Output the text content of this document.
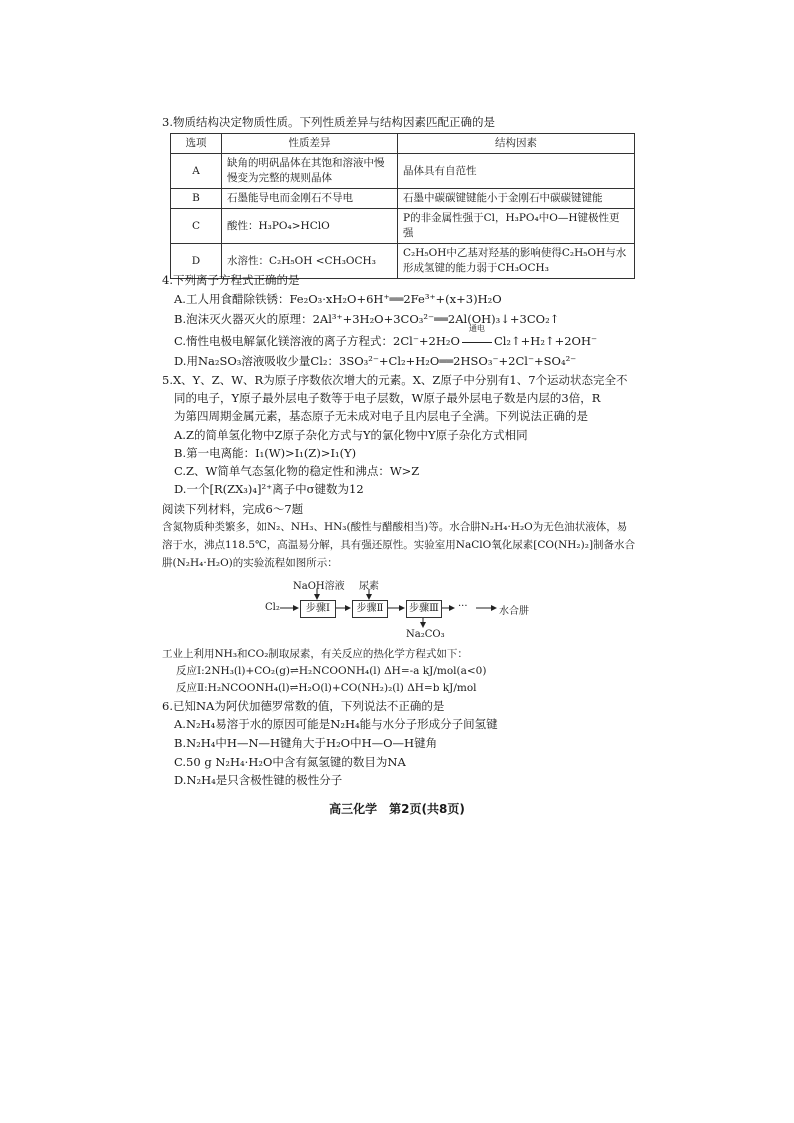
3.物质结构决定物质性质。下列性质差异与结构因素匹配正确的是
选项	性质差异	结构因素
A	缺角的明矾晶体在其饱和溶液中慢慢变为完整的规则晶体	晶体具有自范性
B	石墨能导电而金刚石不导电	石墨中碳碳键键能小于金刚石中碳碳键键能
C	酸性：H₃PO₄>HClO	P的非金属性强于Cl，H₃PO₄中O—H键极性更强
D	水溶性：C₂H₅OH <CH₃OCH₃	C₂H₅OH中乙基对羟基的影响使得C₂H₅OH与水形成氢键的能力弱于CH₃OCH₃
4.下列离子方程式正确的是
A.工人用食醋除铁锈：Fe₂O₃·xH₂O+6H⁺══2Fe³⁺+(x+3)H₂O
B.泡沫灭火器灭火的原理：2Al³⁺+3H₂O+3CO₃²⁻══2Al(OH)₃↓+3CO₂↑
C.惰性电极电解氯化镁溶液的离子方程式：2Cl⁻+2H₂O
通电
Cl₂↑+H₂↑+2OH⁻
D.用Na₂SO₃溶液吸收少量Cl₂：3SO₃²⁻+Cl₂+H₂O══2HSO₃⁻+2Cl⁻+SO₄²⁻
5.X、Y、Z、W、R为原子序数依次增大的元素。X、Z原子中分别有1、7个运动状态完全不
同的电子，Y原子最外层电子数等于电子层数，W原子最外层电子数是内层的3倍，R
为第四周期金属元素，基态原子无未成对电子且内层电子全满。下列说法正确的是
A.Z的简单氢化物中Z原子杂化方式与Y的氯化物中Y原子杂化方式相同
B.第一电离能：I₁(W)>I₁(Z)>I₁(Y)
C.Z、W简单气态氢化物的稳定性和沸点：W>Z
D.一个[R(ZX₃)₄]²⁺离子中σ键数为12
阅读下列材料，完成6～7题
含氮物质种类繁多，如N₂、NH₃、HN₃(酸性与醋酸相当)等。水合肼N₂H₄·H₂O为无色油状液体，易
溶于水，沸点118.5℃，高温易分解，具有强还原性。实验室用NaClO氧化尿素[CO(NH₂)₂]制备水合
肼(N₂H₄·H₂O)的实验流程如图所示：
Cl₂
NaOH溶液 尿素
步骤Ⅰ	步骤Ⅱ	步骤Ⅲ	···	水合肼
Na₂CO₃
工业上利用NH₃和CO₂制取尿素，有关反应的热化学方程式如下：
反应Ⅰ:2NH₃(l)+CO₂(g)⇌H₂NCOONH₄(l) ΔH=-a kJ/mol(a<0)
反应Ⅱ:H₂NCOONH₄(l)⇌H₂O(l)+CO(NH₂)₂(l) ΔH=b kJ/mol
6.已知NA为阿伏加德罗常数的值，下列说法不正确的是
A.N₂H₄易溶于水的原因可能是N₂H₄能与水分子形成分子间氢键
B.N₂H₄中H—N—H键角大于H₂O中H—O—H键角
C.50 g N₂H₄·H₂O中含有氮氢键的数目为NA
D.N₂H₄是只含极性键的极性分子
高三化学　第2页(共8页)
